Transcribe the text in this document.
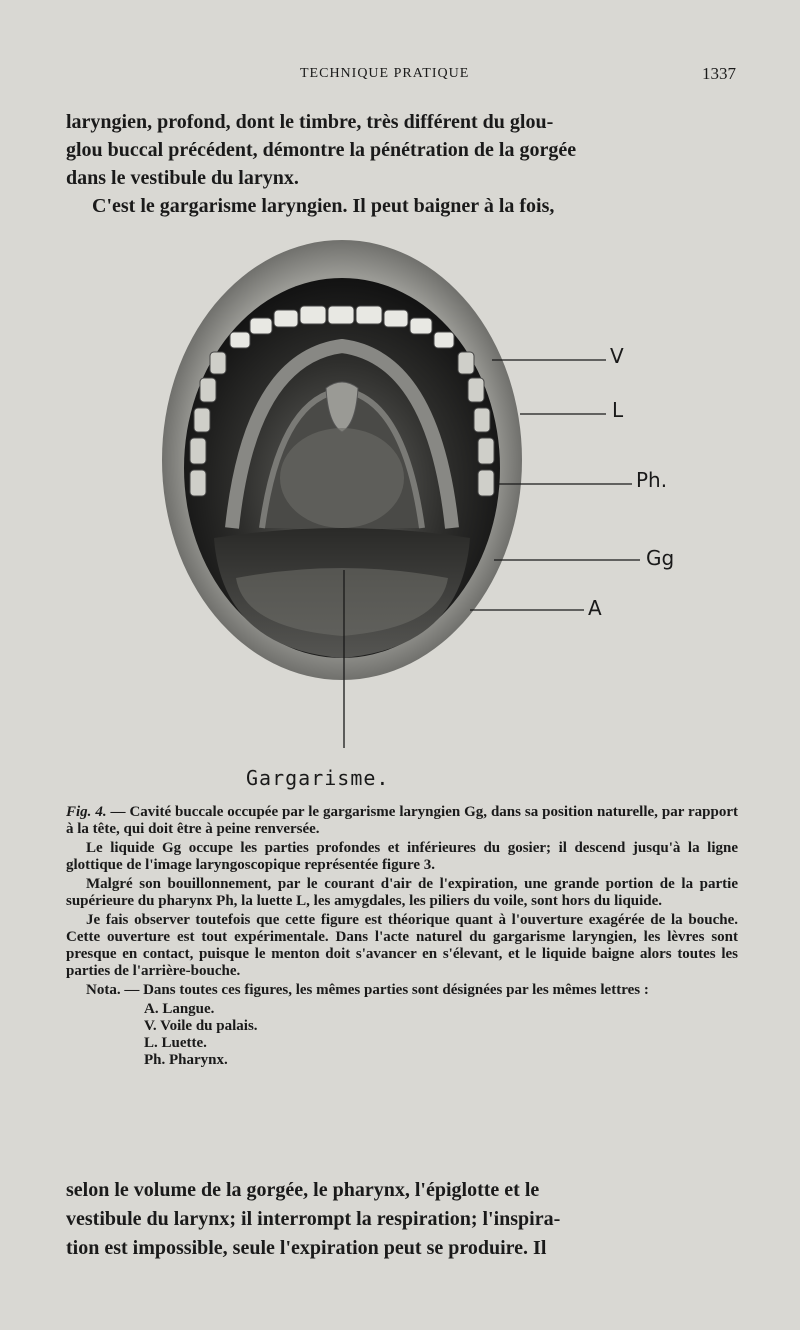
TECHNIQUE PRATIQUE	1337
laryngien, profond, dont le timbre, très différent du glou-
glou buccal précédent, démontre la pénétration de la gorgée
dans le vestibule du larynx.
C'est le gargarisme laryngien. Il peut baigner à la fois,
V
L
Ph.
Gg
A
Gargarisme.

Fig. 4. — Cavité buccale occupée par le gargarisme laryngien Gg, dans sa position naturelle, par rapport à la tête, qui doit être à peine renversée.

Le liquide Gg occupe les parties profondes et inférieures du gosier; il descend jusqu'à la ligne glottique de l'image laryngoscopique représentée figure 3.

Malgré son bouillonnement, par le courant d'air de l'expiration, une grande portion de la partie supérieure du pharynx Ph, la luette L, les amygdales, les piliers du voile, sont hors du liquide.

Je fais observer toutefois que cette figure est théorique quant à l'ouverture exagérée de la bouche. Cette ouverture est tout expérimentale. Dans l'acte naturel du gargarisme laryngien, les lèvres sont presque en contact, puisque le menton doit s'avancer en s'élevant, et le liquide baigne alors toutes les parties de l'arrière-bouche.

Nota. — Dans toutes ces figures, les mêmes parties sont désignées par les mêmes lettres :

A. Langue.
V. Voile du palais.
L. Luette.
Ph. Pharynx.
selon le volume de la gorgée, le pharynx, l'épiglotte et le
vestibule du larynx; il interrompt la respiration; l'inspira-
tion est impossible, seule l'expiration peut se produire. Il
